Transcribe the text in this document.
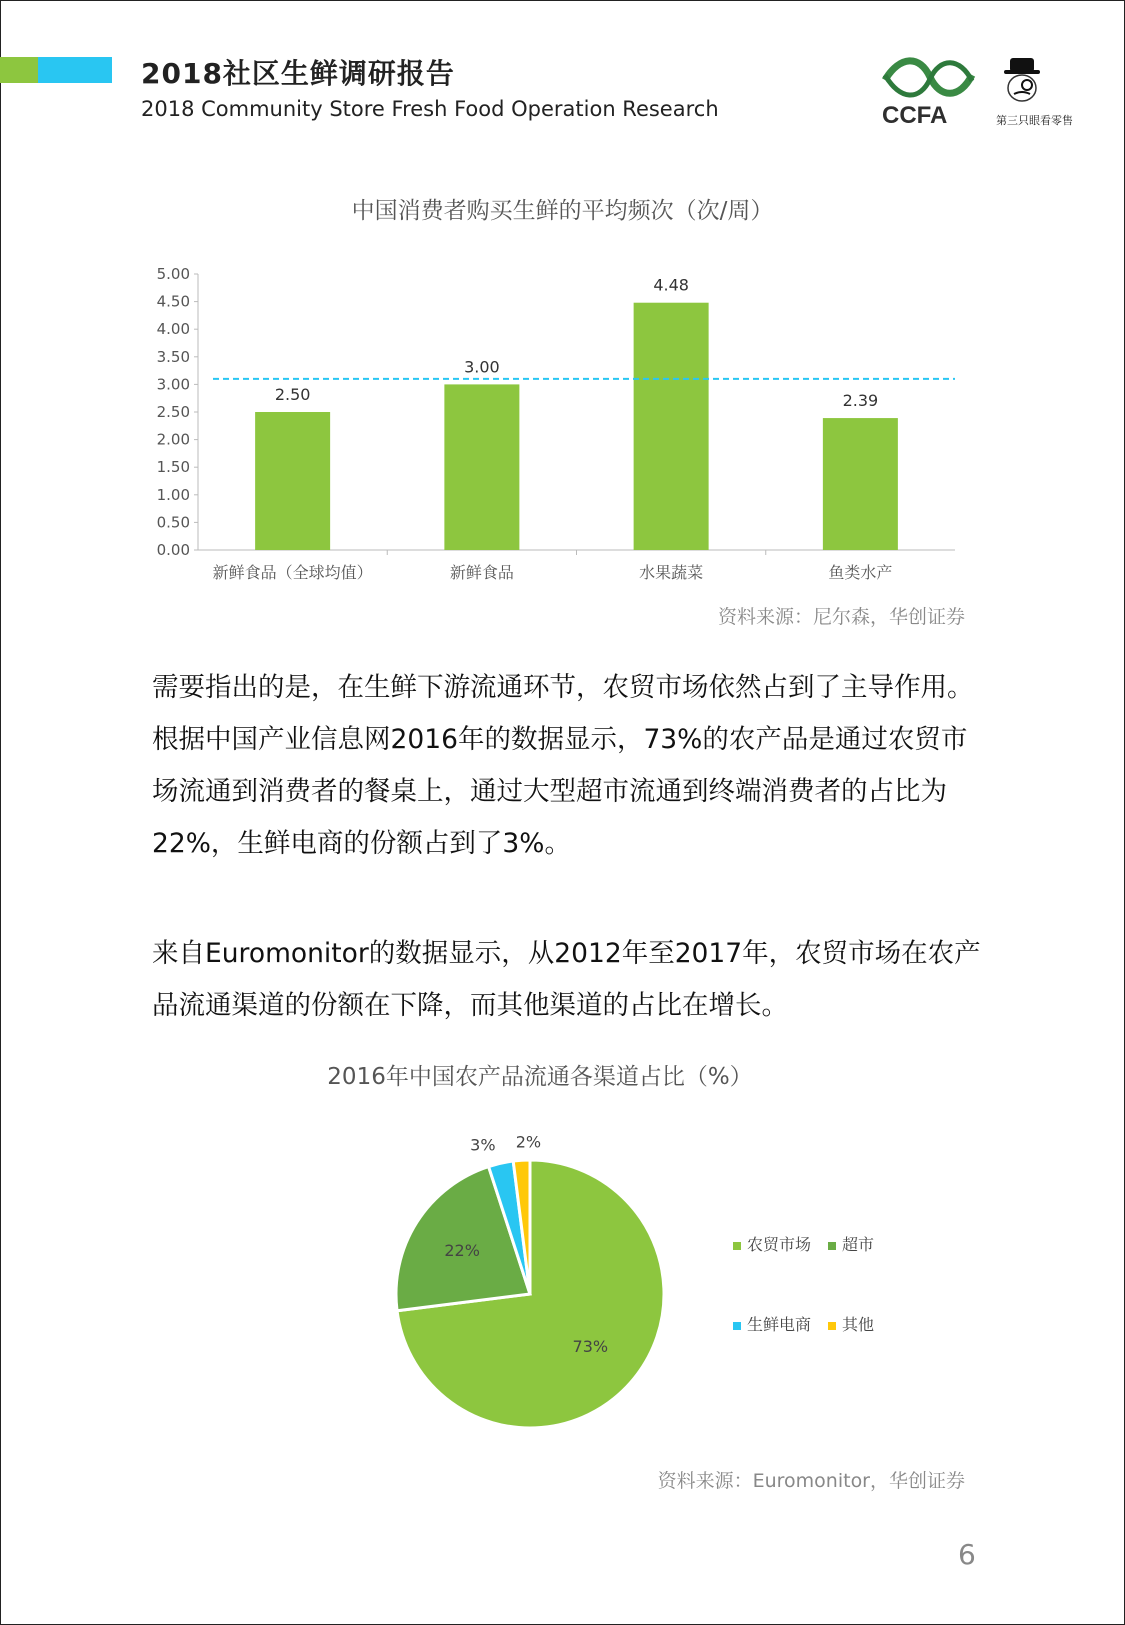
2018社区生鲜调研报告
2018 Community Store Fresh Food Operation Research	CCFA	第三只眼看零售
中国消费者购买生鲜的平均频次（次/周）
0.00
0.50
1.00
1.50
2.00
2.50
3.00
3.50
4.00
4.50
5.00
2.50
新鲜食品（全球均值）
3.00
新鲜食品
4.48
水果蔬菜
2.39
鱼类水产
资料来源：尼尔森，华创证券
需要指出的是，在生鲜下游流通环节，农贸市场依然占到了主导作用。根据中国产业信息网2016年的数据显示，73%的农产品是通过农贸市场流通到消费者的餐桌上，通过大型超市流通到终端消费者的占比为22%，生鲜电商的份额占到了3%。
来自Euromonitor的数据显示，从2012年至2017年，农贸市场在农产品流通渠道的份额在下降，而其他渠道的占比在增长。
2016年中国农产品流通各渠道占比（%）
73%
22%
3% 2%
农贸市场	超市
生鲜电商	其他
资料来源：Euromonitor，华创证券
6
